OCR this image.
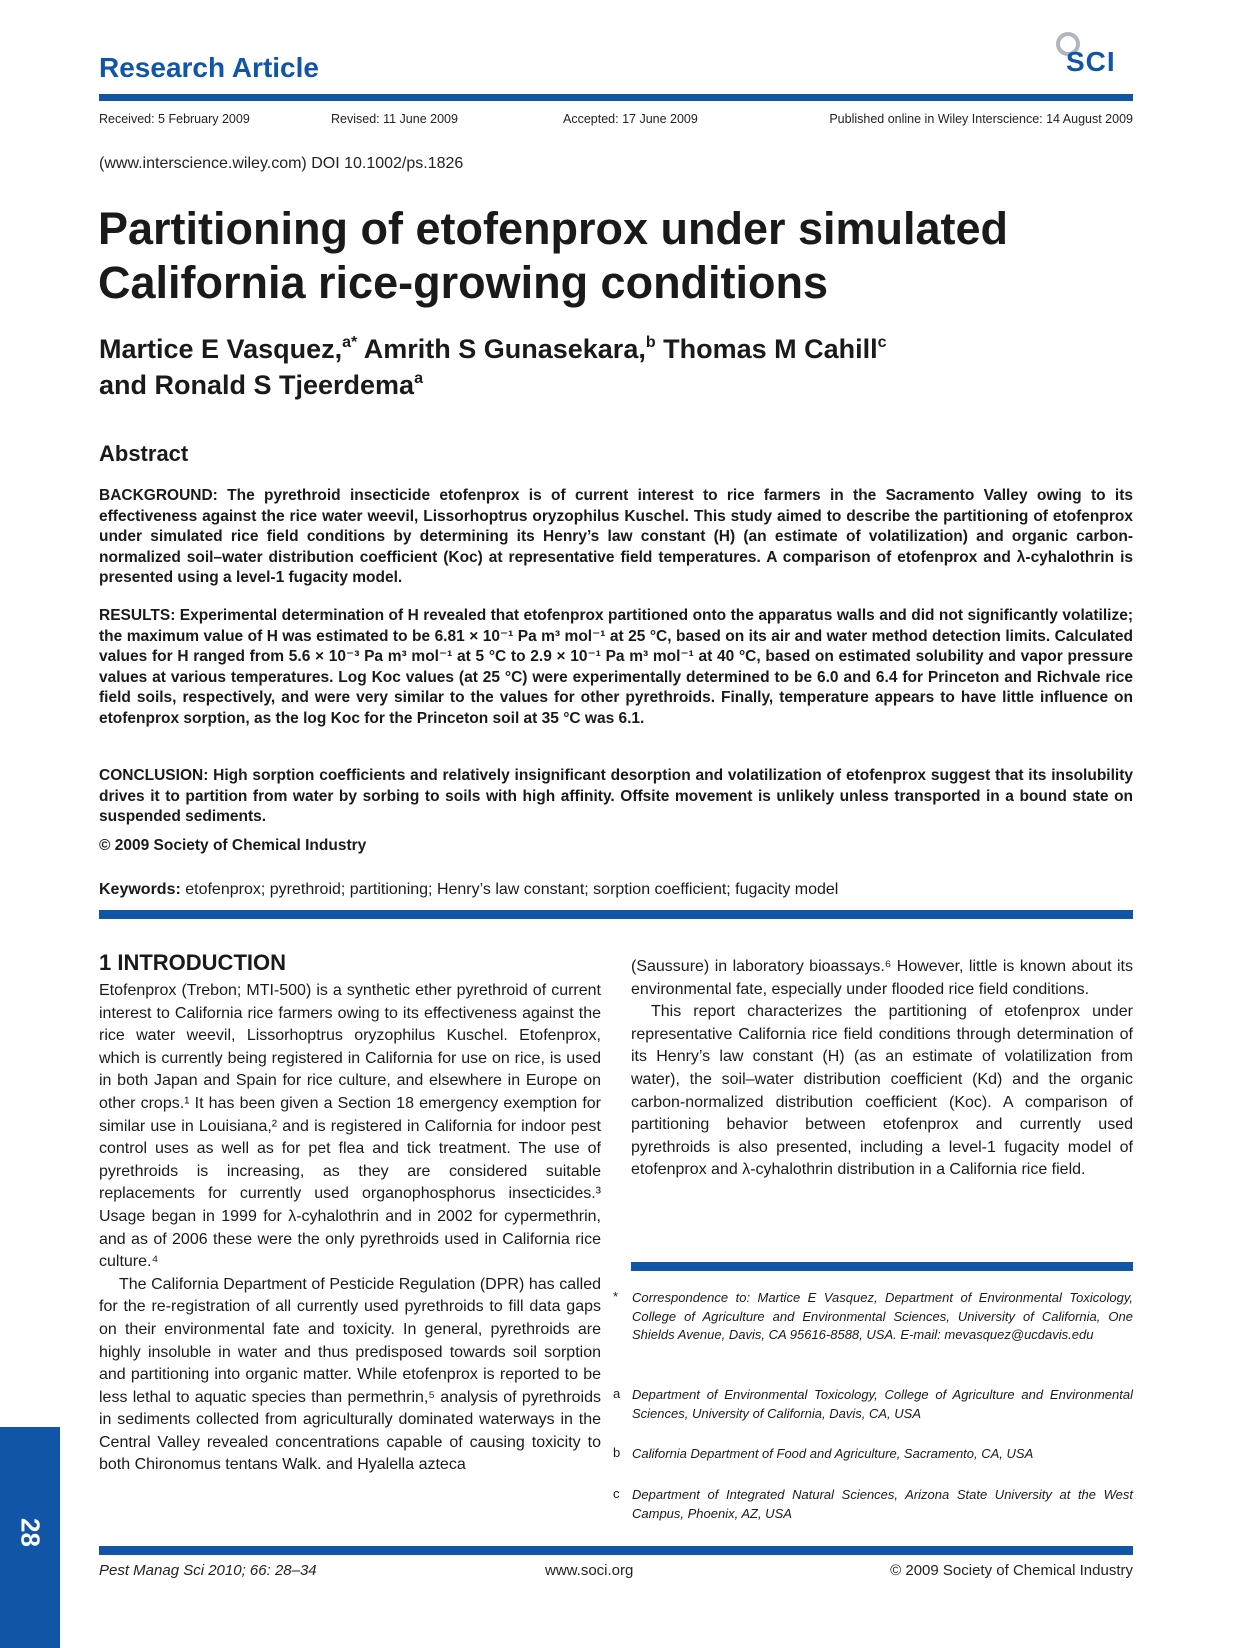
Research Article	SCI
Received: 5 February 2009	Revised: 11 June 2009	Accepted: 17 June 2009	Published online in Wiley Interscience: 14 August 2009
(www.interscience.wiley.com) DOI 10.1002/ps.1826
Partitioning of etofenprox under simulated
California rice-growing conditions
Martice E Vasquez,$^{a*}$ Amrith S Gunasekara,$^b$ Thomas M Cahill$^c$
and Ronald S Tjeerdema$^a$
Abstract
BACKGROUND: The pyrethroid insecticide etofenprox is of current interest to rice farmers in the Sacramento Valley owing to its effectiveness against the rice water weevil, Lissorhoptrus oryzophilus Kuschel. This study aimed to describe the partitioning of etofenprox under simulated rice field conditions by determining its Henry’s law constant (H) (an estimate of volatilization) and organic carbon-normalized soil–water distribution coefficient (Koc) at representative field temperatures. A comparison of etofenprox and λ-cyhalothrin is presented using a level-1 fugacity model.
RESULTS: Experimental determination of H revealed that etofenprox partitioned onto the apparatus walls and did not significantly volatilize; the maximum value of H was estimated to be 6.81 × 10⁻¹ Pa m³ mol⁻¹ at 25 °C, based on its air and water method detection limits. Calculated values for H ranged from 5.6 × 10⁻³ Pa m³ mol⁻¹ at 5 °C to 2.9 × 10⁻¹ Pa m³ mol⁻¹ at 40 °C, based on estimated solubility and vapor pressure values at various temperatures. Log Koc values (at 25 °C) were experimentally determined to be 6.0 and 6.4 for Princeton and Richvale rice field soils, respectively, and were very similar to the values for other pyrethroids. Finally, temperature appears to have little influence on etofenprox sorption, as the log Koc for the Princeton soil at 35 °C was 6.1.
CONCLUSION: High sorption coefficients and relatively insignificant desorption and volatilization of etofenprox suggest that its insolubility drives it to partition from water by sorbing to soils with high affinity. Offsite movement is unlikely unless transported in a bound state on suspended sediments.
© 2009 Society of Chemical Industry
Keywords: etofenprox; pyrethroid; partitioning; Henry’s law constant; sorption coefficient; fugacity model
1 INTRODUCTION

Etofenprox (Trebon; MTI-500) is a synthetic ether pyrethroid of current interest to California rice farmers owing to its effectiveness against the rice water weevil, Lissorhoptrus oryzophilus Kuschel. Etofenprox, which is currently being registered in California for use on rice, is used in both Japan and Spain for rice culture, and elsewhere in Europe on other crops.¹ It has been given a Section 18 emergency exemption for similar use in Louisiana,² and is registered in California for indoor pest control uses as well as for pet flea and tick treatment. The use of pyrethroids is increasing, as they are considered suitable replacements for currently used organophosphorus insecticides.³ Usage began in 1999 for λ-cyhalothrin and in 2002 for cypermethrin, and as of 2006 these were the only pyrethroids used in California rice culture.⁴

The California Department of Pesticide Regulation (DPR) has called for the re-registration of all currently used pyrethroids to fill data gaps on their environmental fate and toxicity. In general, pyrethroids are highly insoluble in water and thus predisposed towards soil sorption and partitioning into organic matter. While etofenprox is reported to be less lethal to aquatic species than permethrin,⁵ analysis of pyrethroids in sediments collected from agriculturally dominated waterways in the Central Valley revealed concentrations capable of causing toxicity to both Chironomus tentans Walk. and Hyalella azteca

(Saussure) in laboratory bioassays.⁶ However, little is known about its environmental fate, especially under flooded rice field conditions.

This report characterizes the partitioning of etofenprox under representative California rice field conditions through determination of its Henry’s law constant (H) (as an estimate of volatilization from water), the soil–water distribution coefficient (Kd) and the organic carbon-normalized distribution coefficient (Koc). A comparison of partitioning behavior between etofenprox and currently used pyrethroids is also presented, including a level-1 fugacity model of etofenprox and λ-cyhalothrin distribution in a California rice field.

* Correspondence to: Martice E Vasquez, Department of Environmental Toxicology, College of Agriculture and Environmental Sciences, University of California, One Shields Avenue, Davis, CA 95616-8588, USA. E-mail: mevasquez@ucdavis.edu
a Department of Environmental Toxicology, College of Agriculture and Environmental Sciences, University of California, Davis, CA, USA
b California Department of Food and Agriculture, Sacramento, CA, USA
c Department of Integrated Natural Sciences, Arizona State University at the West Campus, Phoenix, AZ, USA
Pest Manag Sci 2010; 66: 28–34	www.soci.org	© 2009 Society of Chemical Industry
28
